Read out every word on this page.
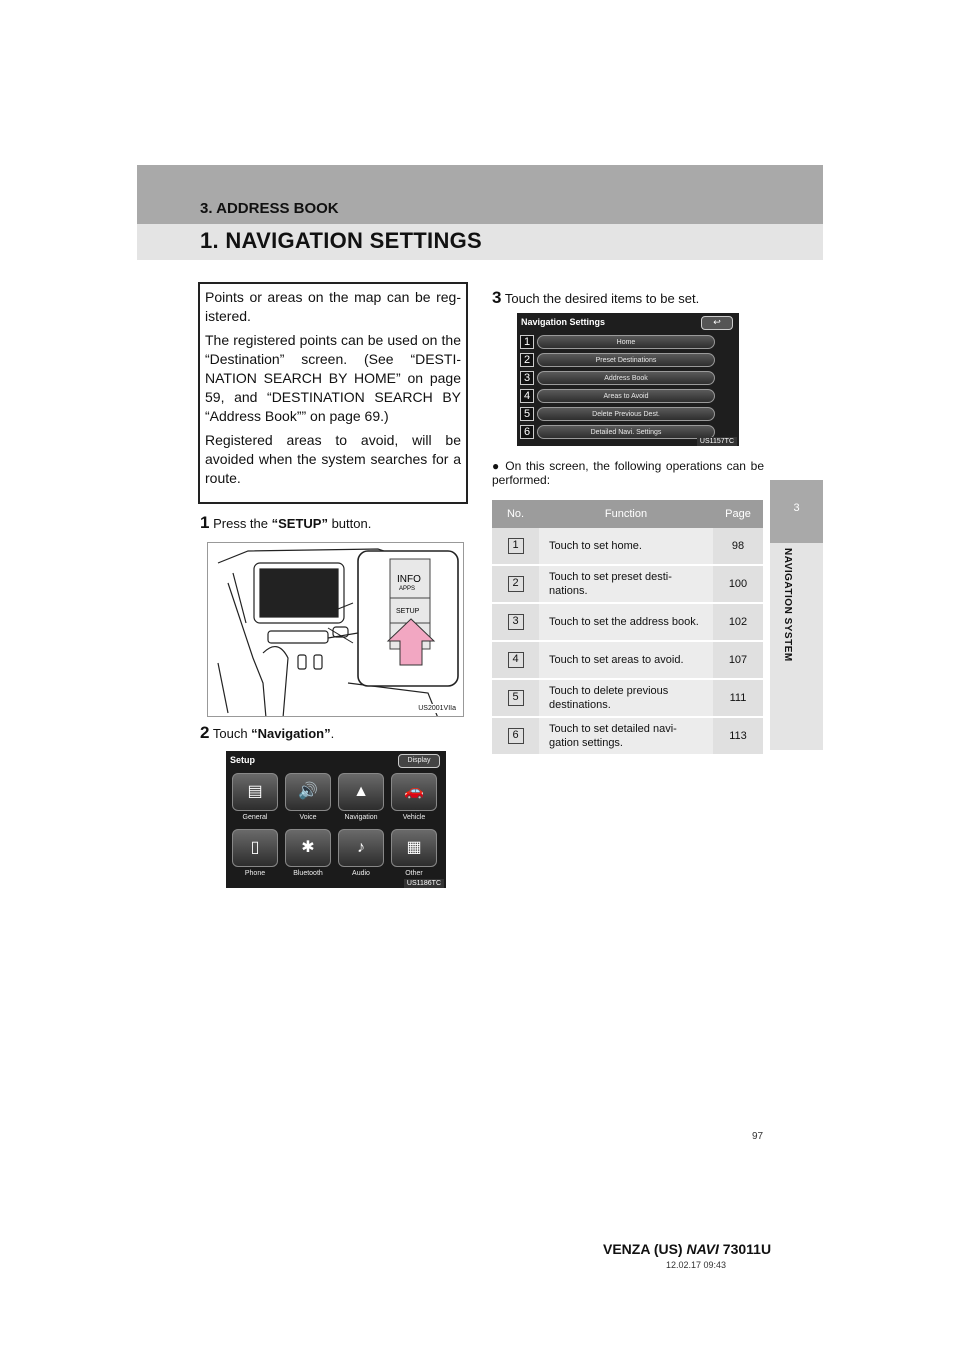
3. ADDRESS BOOK
1. NAVIGATION SETTINGS
3
NAVIGATION SYSTEM

Points or areas on the map can be reg-istered.

The registered points can be used on the “Destination” screen. (See “DESTI-NATION SEARCH BY HOME” on page 59, and “DESTINATION SEARCH BY “Address Book”” on page 69.)

Registered areas to avoid, will be avoided when the system searches for a route.

1 Press the “SETUP” button.
INFO
APPS
SETUP
US2001VIIa
2 Touch “Navigation”.
Setup	Display
▤
General
🔊
Voice
▲
Navigation
🚗
Vehicle
▯
Phone
✱
Bluetooth
♪
Audio
▦
Other
US1186TC
3 Touch the desired items to be set.
Navigation Settings	↩
1	Home
2	Preset Destinations
3	Address Book
4	Areas to Avoid
5	Delete Previous Dest.
6	Detailed Navi. Settings
US1157TC
● On this screen, the following operations can be performed:
No.	Function	Page
1	Touch to set home.	98
2	Touch to set preset desti-nations.	100
3	Touch to set the address book.	102
4	Touch to set areas to avoid.	107
5	Touch to delete previous destinations.	111
6	Touch to set detailed navi-gation settings.	113
97
VENZA (US) NAVI 73011U
12.02.17 09:43
